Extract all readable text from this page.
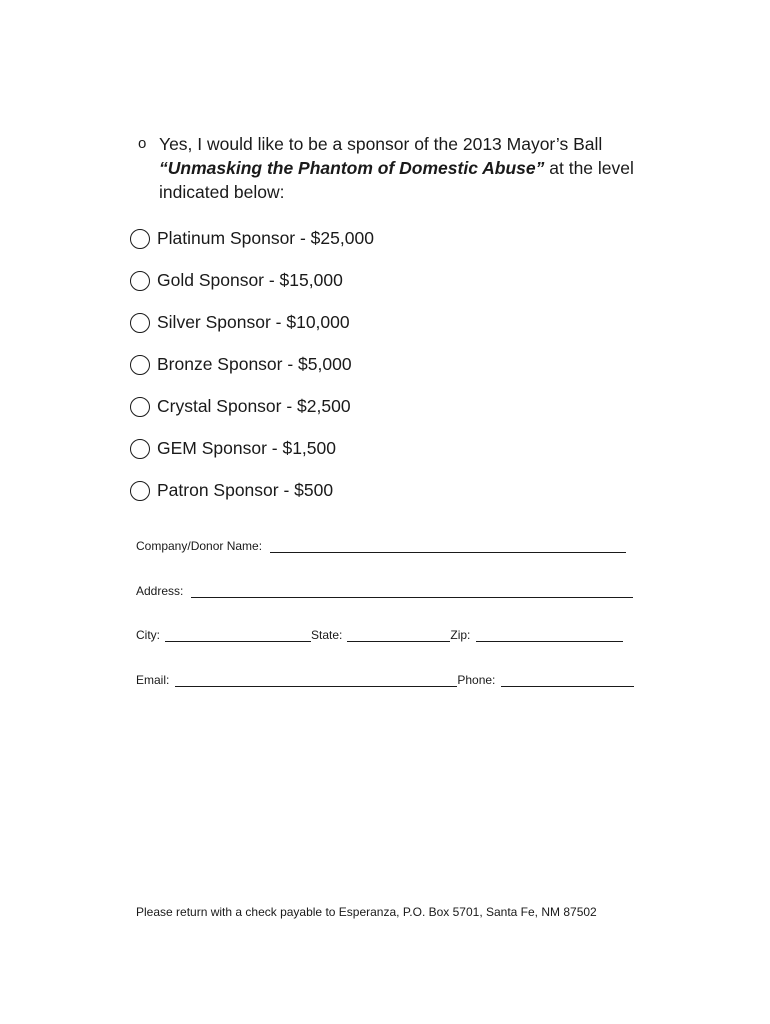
o Yes, I would like to be a sponsor of the 2013 Mayor’s Ball “Unmasking the Phantom of Domestic Abuse” at the level indicated below:
Platinum Sponsor - $25,000
Gold Sponsor - $15,000
Silver Sponsor - $10,000
Bronze Sponsor - $5,000
Crystal Sponsor - $2,500
GEM Sponsor - $1,500
Patron Sponsor - $500
Company/Donor Name:
Address:
City:	State:	Zip:
Email:	Phone:
Please return with a check payable to Esperanza, P.O. Box 5701, Santa Fe, NM 87502
